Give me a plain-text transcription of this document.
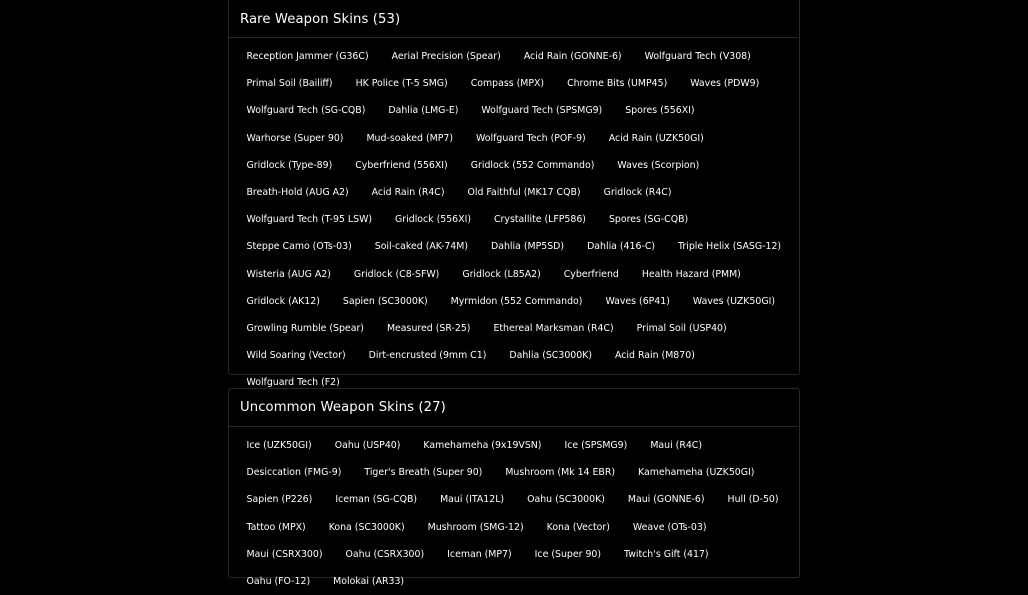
Rare Weapon Skins (53)
Reception Jammer (G36C)	Aerial Precision (Spear)	Acid Rain (GONNE-6)	Wolfguard Tech (V308)
Primal Soil (Bailiff)	HK Police (T-5 SMG)	Compass (MPX)	Chrome Bits (UMP45)	Waves (PDW9)
Wolfguard Tech (SG-CQB)	Dahlia (LMG-E)	Wolfguard Tech (SPSMG9)	Spores (556XI)
Warhorse (Super 90)	Mud-soaked (MP7)	Wolfguard Tech (POF-9)	Acid Rain (UZK50GI)
Gridlock (Type-89)	Cyberfriend (556XI)	Gridlock (552 Commando)	Waves (Scorpion)
Breath-Hold (AUG A2)	Acid Rain (R4C)	Old Faithful (MK17 CQB)	Gridlock (R4C)
Wolfguard Tech (T-95 LSW)	Gridlock (556XI)	Crystallite (LFP586)	Spores (SG-CQB)
Steppe Camo (OTs-03)	Soil-caked (AK-74M)	Dahlia (MP5SD)	Dahlia (416-C)	Triple Helix (SASG-12)
Wisteria (AUG A2)	Gridlock (C8-SFW)	Gridlock (L85A2)	Cyberfriend	Health Hazard (PMM)
Gridlock (AK12)	Sapien (SC3000K)	Myrmidon (552 Commando)	Waves (6P41)	Waves (UZK50GI)
Growling Rumble (Spear)	Measured (SR-25)	Ethereal Marksman (R4C)	Primal Soil (USP40)
Wild Soaring (Vector)	Dirt-encrusted (9mm C1)	Dahlia (SC3000K)	Acid Rain (M870)
Wolfguard Tech (F2)
Uncommon Weapon Skins (27)
Ice (UZK50GI)	Oahu (USP40)	Kamehameha (9x19VSN)	Ice (SPSMG9)	Maui (R4C)
Desiccation (FMG-9)	Tiger's Breath (Super 90)	Mushroom (Mk 14 EBR)	Kamehameha (UZK50GI)
Sapien (P226)	Iceman (SG-CQB)	Maui (ITA12L)	Oahu (SC3000K)	Maui (GONNE-6)	Hull (D-50)
Tattoo (MPX)	Kona (SC3000K)	Mushroom (SMG-12)	Kona (Vector)	Weave (OTs-03)
Maui (CSRX300)	Oahu (CSRX300)	Iceman (MP7)	Ice (Super 90)	Twitch's Gift (417)
Oahu (FO-12)	Molokai (AR33)
